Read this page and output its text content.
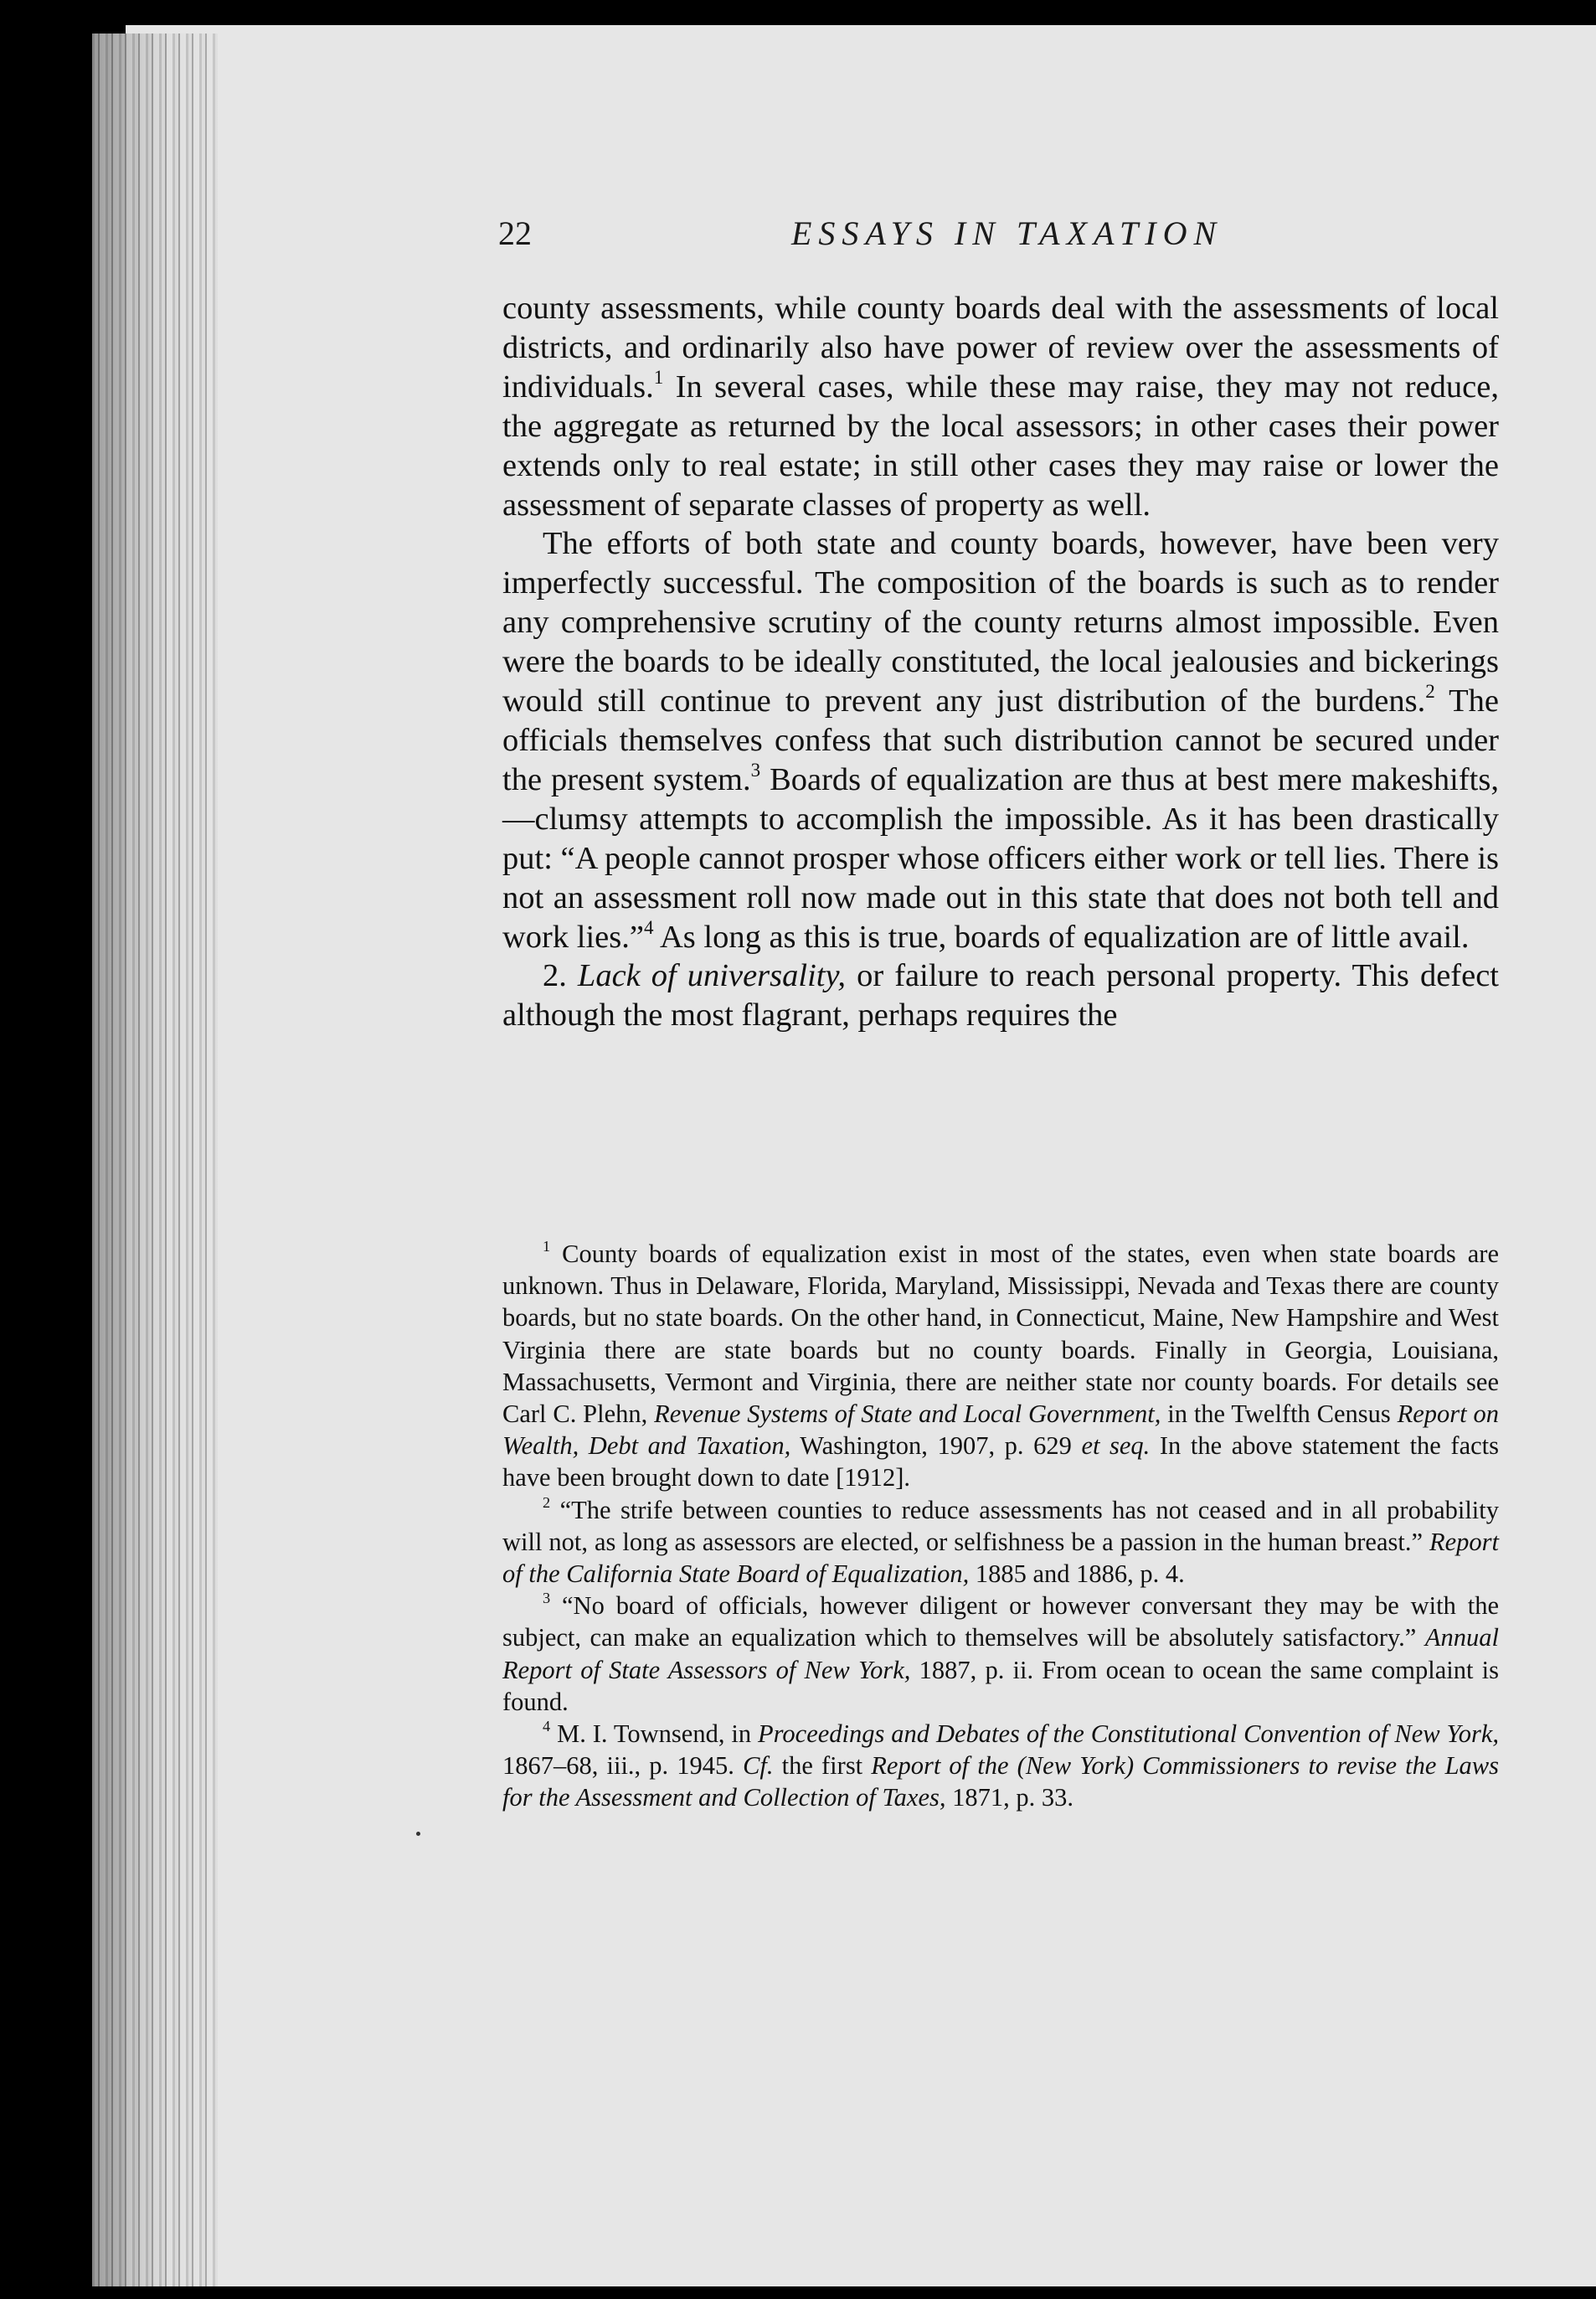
22	ESSAYS IN TAXATION

county assessments, while county boards deal with the assessments of local districts, and ordinarily also have power of review over the assessments of individuals.$^1$ In several cases, while these may raise, they may not reduce, the aggregate as returned by the local assessors; in other cases their power extends only to real estate; in still other cases they may raise or lower the assessment of separate classes of property as well.

The efforts of both state and county boards, however, have been very imperfectly successful. The composition of the boards is such as to render any comprehensive scrutiny of the county returns almost impossible. Even were the boards to be ideally constituted, the local jealousies and bickerings would still continue to prevent any just distribution of the burdens.$^2$ The officials themselves confess that such distribution cannot be secured under the present system.$^3$ Boards of equalization are thus at best mere makeshifts,—clumsy attempts to accomplish the impossible. As it has been drastically put: “A people cannot prosper whose officers either work or tell lies. There is not an assessment roll now made out in this state that does not both tell and work lies.”$^4$ As long as this is true, boards of equalization are of little avail.

2. Lack of universality, or failure to reach personal property. This defect although the most flagrant, perhaps requires the

$^1$ County boards of equalization exist in most of the states, even when state boards are unknown. Thus in Delaware, Florida, Maryland, Mississippi, Nevada and Texas there are county boards, but no state boards. On the other hand, in Connecticut, Maine, New Hampshire and West Virginia there are state boards but no county boards. Finally in Georgia, Louisiana, Massachusetts, Vermont and Virginia, there are neither state nor county boards. For details see Carl C. Plehn, Revenue Systems of State and Local Government, in the Twelfth Census Report on Wealth, Debt and Taxation, Washington, 1907, p. 629 et seq. In the above statement the facts have been brought down to date [1912].

$^2$ “The strife between counties to reduce assessments has not ceased and in all probability will not, as long as assessors are elected, or selfishness be a passion in the human breast.” Report of the California State Board of Equalization, 1885 and 1886, p. 4.

$^3$ “No board of officials, however diligent or however conversant they may be with the subject, can make an equalization which to themselves will be absolutely satisfactory.” Annual Report of State Assessors of New York, 1887, p. ii. From ocean to ocean the same complaint is found.

$^4$ M. I. Townsend, in Proceedings and Debates of the Constitutional Convention of New York, 1867–68, iii., p. 1945. Cf. the first Report of the (New York) Commissioners to revise the Laws for the Assessment and Collection of Taxes, 1871, p. 33.
